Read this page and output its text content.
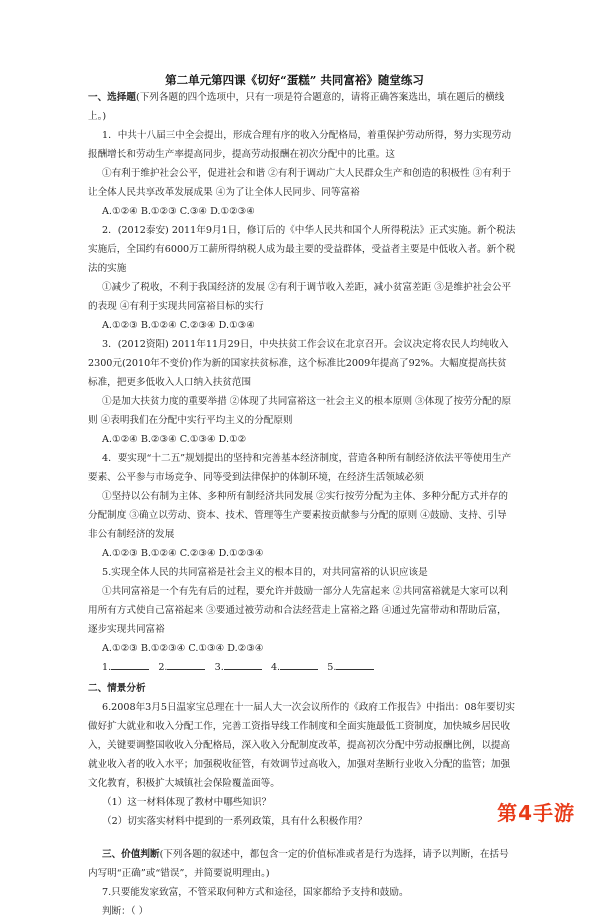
第二单元第四课《切好“蛋糕” 共同富裕》随堂练习

一、选择题(下列各题的四个选项中，只有一项是符合题意的，请将正确答案选出，填在题后的横线上。)

1．中共十八届三中全会提出，形成合理有序的收入分配格局，着重保护劳动所得，努力实现劳动报酬增长和劳动生产率提高同步，提高劳动报酬在初次分配中的比重。这

①有利于维护社会公平，促进社会和谐 ②有利于调动广大人民群众生产和创造的积极性 ③有利于让全体人民共享改革发展成果 ④为了让全体人民同步、同等富裕

A.①②④ B.①②③ C.③④ D.①②③④

2．(2012泰安) 2011年9月1日，修订后的《中华人民共和国个人所得税法》正式实施。新个税法实施后，全国约有6000万工薪所得纳税人成为最主要的受益群体，受益者主要是中低收入者。新个税法的实施

①减少了税收，不利于我国经济的发展 ②有利于调节收入差距，减小贫富差距 ③是维护社会公平的表现 ④有利于实现共同富裕目标的实行

A.①②③ B.①②④ C.②③④ D.①③④

3．(2012资阳) 2011年11月29日，中央扶贫工作会议在北京召开。会议决定将农民人均纯收入2300元(2010年不变价)作为新的国家扶贫标准，这个标准比2009年提高了92%。大幅度提高扶贫标准，把更多低收入人口纳入扶贫范围

①是加大扶贫力度的重要举措 ②体现了共同富裕这一社会主义的根本原则 ③体现了按劳分配的原则 ④表明我们在分配中实行平均主义的分配原则

A.①②④ B.②③④ C.①③④ D.①②

4．要实现“十二五”规划提出的坚持和完善基本经济制度，营造各种所有制经济依法平等使用生产要素、公平参与市场竞争、同等受到法律保护的体制环境，在经济生活领域必须

①坚持以公有制为主体、多种所有制经济共同发展 ②实行按劳分配为主体、多种分配方式并存的分配制度 ③确立以劳动、资本、技术、管理等生产要素按贡献参与分配的原则 ④鼓励、支持、引导非公有制经济的发展

A.①②③ B.①②④ C.②③④ D.①②③④

5.实现全体人民的共同富裕是社会主义的根本目的，对共同富裕的认识应该是

①共同富裕是一个有先有后的过程，要允许并鼓励一部分人先富起来 ②共同富裕就是大家可以利用所有方式使自己富裕起来 ③要通过被劳动和合法经营走上富裕之路 ④通过先富带动和帮助后富，逐步实现共同富裕

A.①②③ B.①②③④ C.①③④ D.②③④

1.	2.	3.	4.	5.

二、情景分析

6.2008年3月5日温家宝总理在十一届人大一次会议所作的《政府工作报告》中指出：08年要切实做好扩大就业和收入分配工作，完善工资指导线工作制度和全面实施最低工资制度，加快城乡居民收入，关键要调整国收收入分配格局，深入收入分配制度改革，提高初次分配中劳动报酬比例，以提高就业收入者的收入水平；加强税收征管，有效调节过高收入，加强对垄断行业收入分配的监管；加强文化教育，积极扩大城镇社会保险覆盖面等。

（1）这一材料体现了教材中哪些知识？

（2）切实落实材料中提到的一系列政策，具有什么积极作用？

三、价值判断(下列各题的叙述中，都包含一定的价值标准或者是行为选择，请予以判断，在括号内写明“正确”或“错误”，并简要说明理由。)

7.只要能发家致富，不管采取何种方式和途径，国家都给予支持和鼓励。

判断：（ ）

第4手游
